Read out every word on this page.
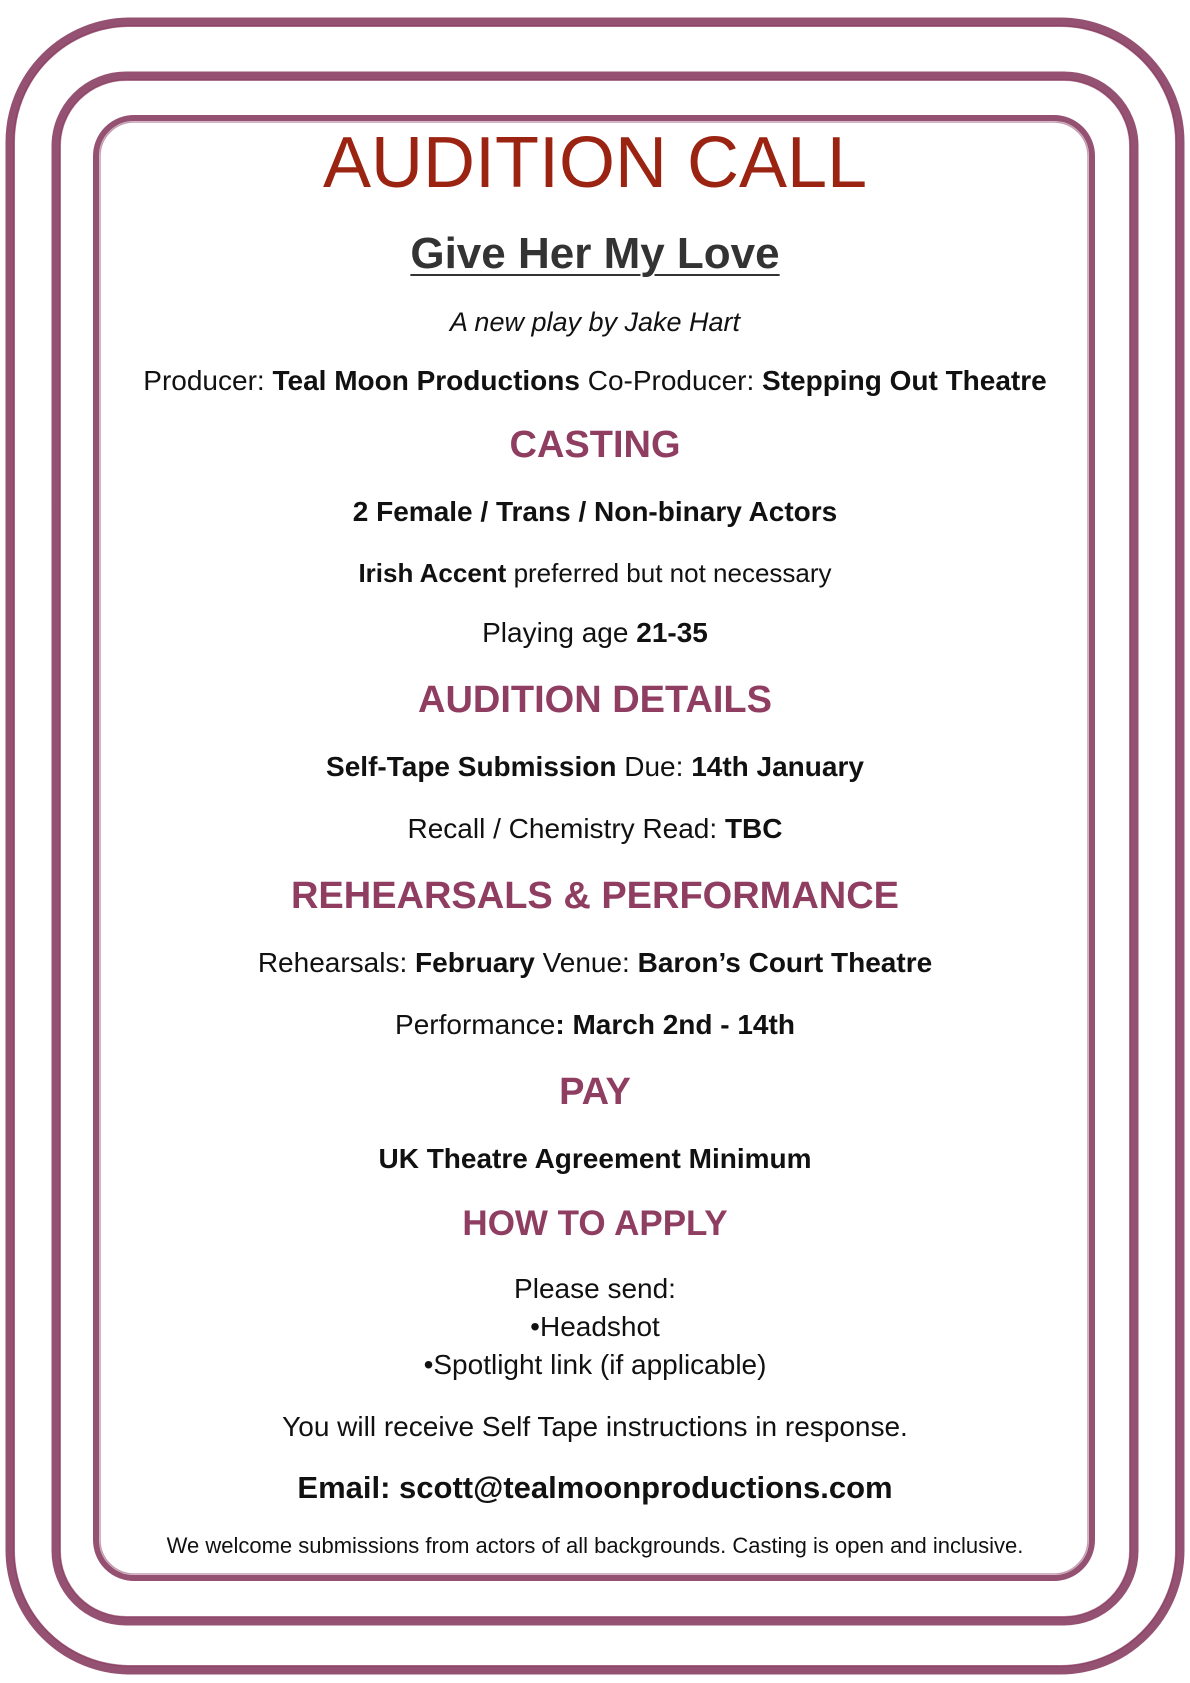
AUDITION CALL
Give Her My Love
A new play by Jake Hart
Producer: Teal Moon Productions Co-Producer: Stepping Out Theatre
CASTING
2 Female / Trans / Non-binary Actors
Irish Accent preferred but not necessary
Playing age 21-35
AUDITION DETAILS
Self-Tape Submission Due: 14th January
Recall / Chemistry Read: TBC
REHEARSALS & PERFORMANCE
Rehearsals: February Venue: Baron’s Court Theatre
Performance: March 2nd - 14th
PAY
UK Theatre Agreement Minimum
HOW TO APPLY
Please send:
• Headshot
• Spotlight link (if applicable)
You will receive Self Tape instructions in response.
Email: scott@tealmoonproductions.com
We welcome submissions from actors of all backgrounds. Casting is open and inclusive.
